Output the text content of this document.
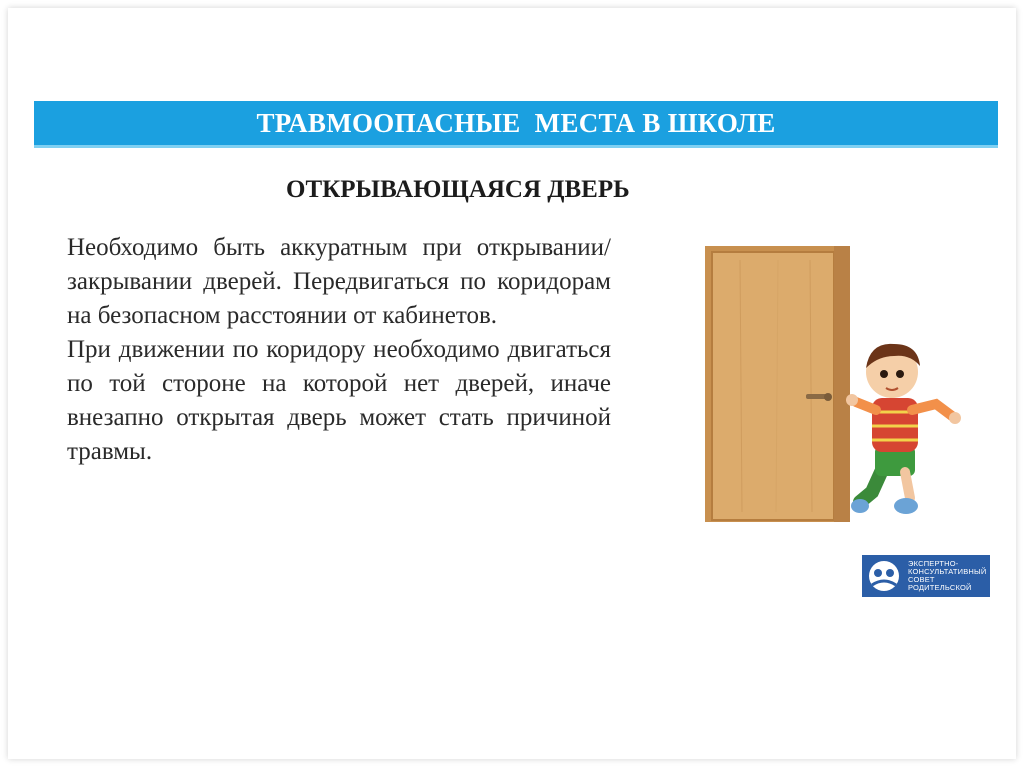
ТРАВМООПАСНЫЕ  МЕСТА В ШКОЛЕ
ОТКРЫВАЮЩАЯСЯ ДВЕРЬ

Необходимо быть аккуратным при открывании/закрывании дверей. Передвигаться по коридорам на безопасном расстоянии от кабинетов.

При движении по коридору необходимо двигаться по той стороне на которой нет дверей, иначе внезапно открытая дверь может стать причиной травмы.

ЭКСПЕРТНО-
КОНСУЛЬТАТИВНЫЙ
СОВЕТ
РОДИТЕЛЬСКОЙ
